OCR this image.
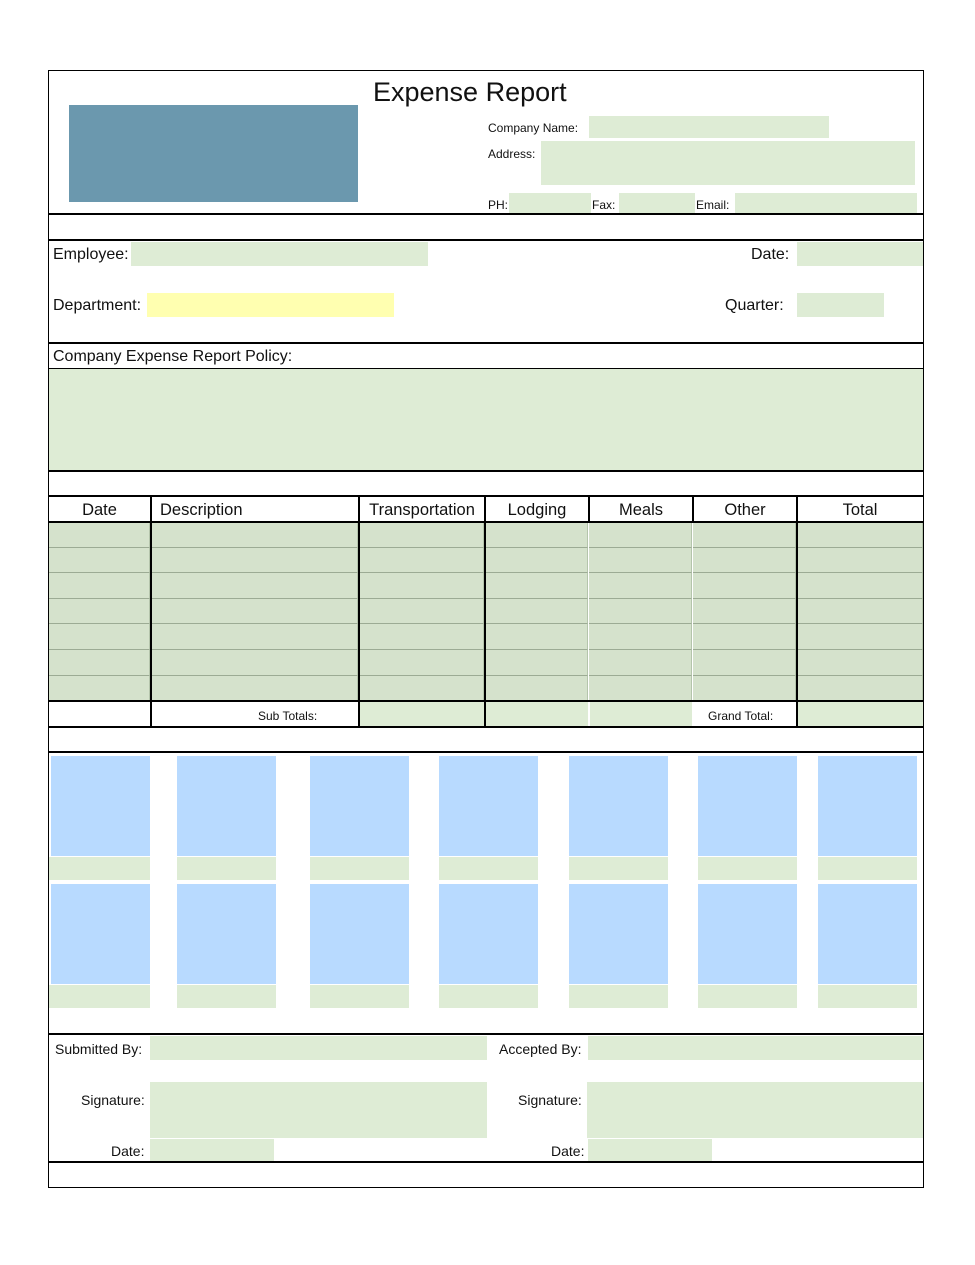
Expense Report
Company Name:
Address:
PH:	Fax:	Email:
Employee:	Date:
Department:	Quarter:
Company Expense Report Policy:
Date	Description	Transportation	Lodging	Meals	Other	Total
Sub Totals:	Grand Total:
Submitted By:	Accepted By:
Signature:	Signature:
Date:	Date:
